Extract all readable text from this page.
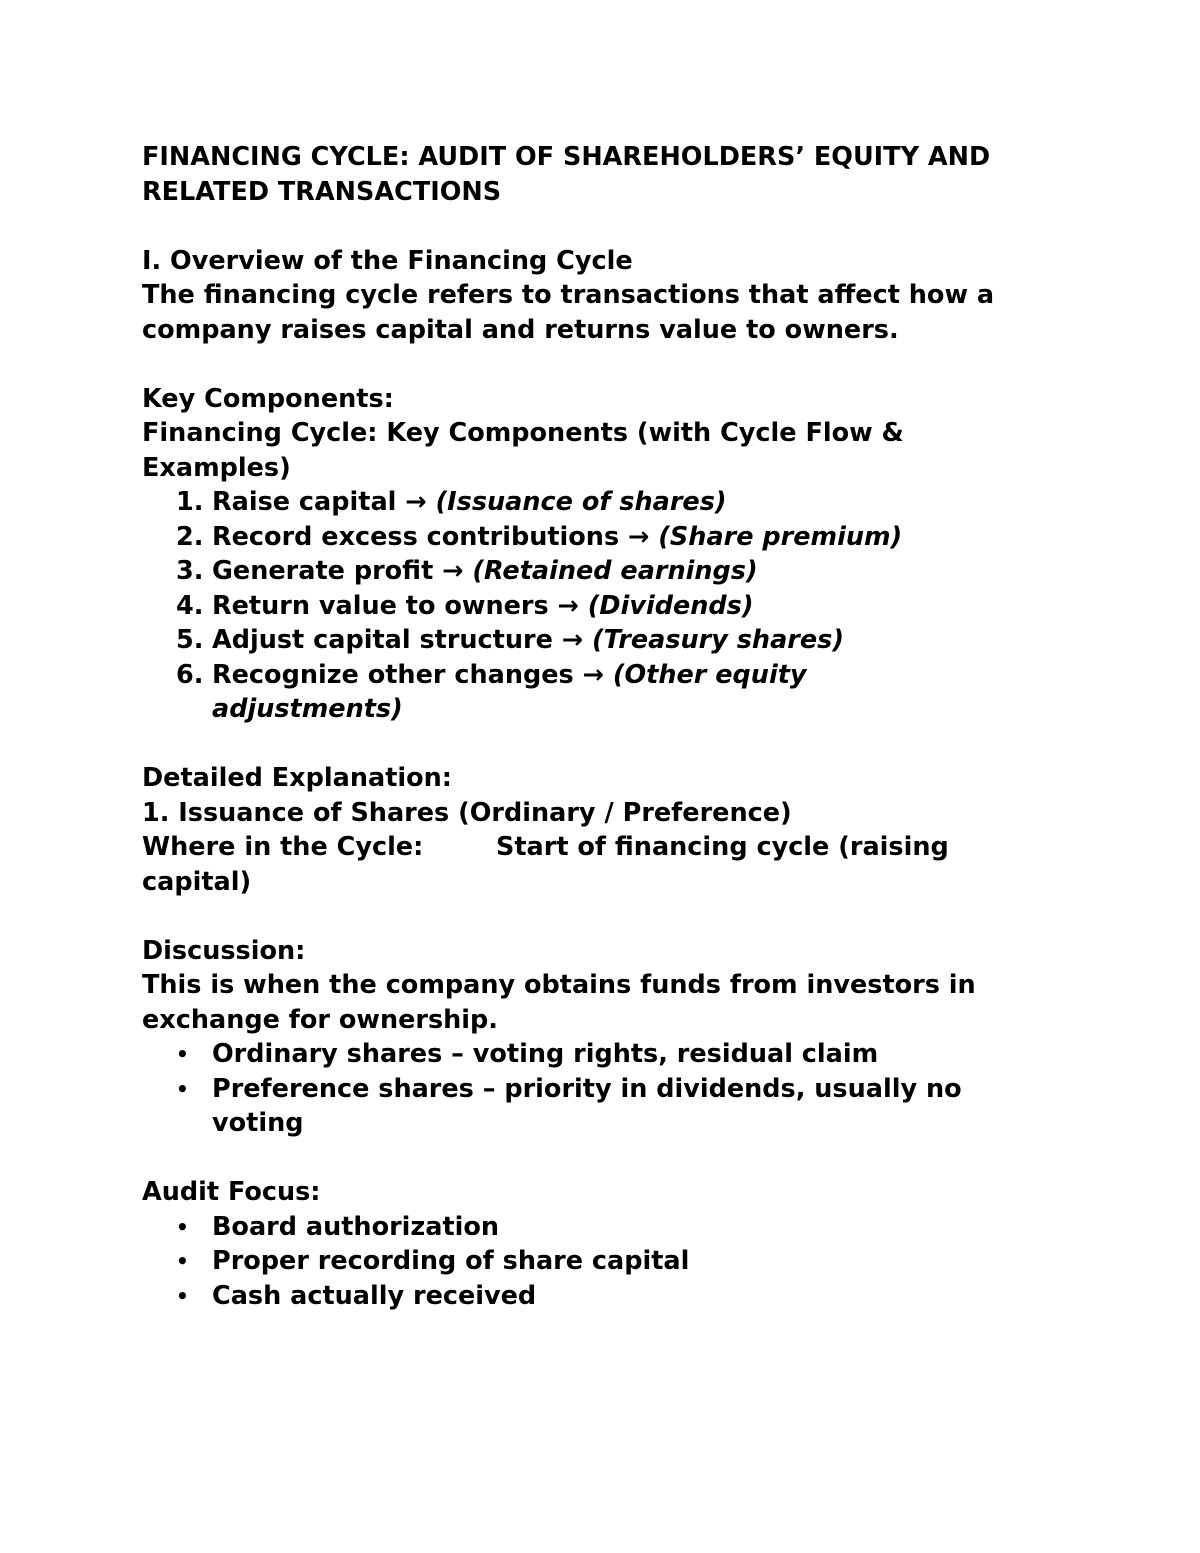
FINANCING CYCLE: AUDIT OF SHAREHOLDERS’ EQUITY AND
RELATED TRANSACTIONS
I. Overview of the Financing Cycle
The financing cycle refers to transactions that affect how a
company raises capital and returns value to owners.
Key Components:
Financing Cycle: Key Components (with Cycle Flow &
Examples)
1. Raise capital → (Issuance of shares)
2. Record excess contributions → (Share premium)
3. Generate profit → (Retained earnings)
4. Return value to owners → (Dividends)
5. Adjust capital structure → (Treasury shares)
6. Recognize other changes → (Other equity
adjustments)
Detailed Explanation:
1. Issuance of Shares (Ordinary / Preference)
Where in the Cycle:	Start of financing cycle (raising
capital)
Discussion:
This is when the company obtains funds from investors in
exchange for ownership.
• Ordinary shares – voting rights, residual claim
• Preference shares – priority in dividends, usually no
voting
Audit Focus:
• Board authorization
• Proper recording of share capital
• Cash actually received
